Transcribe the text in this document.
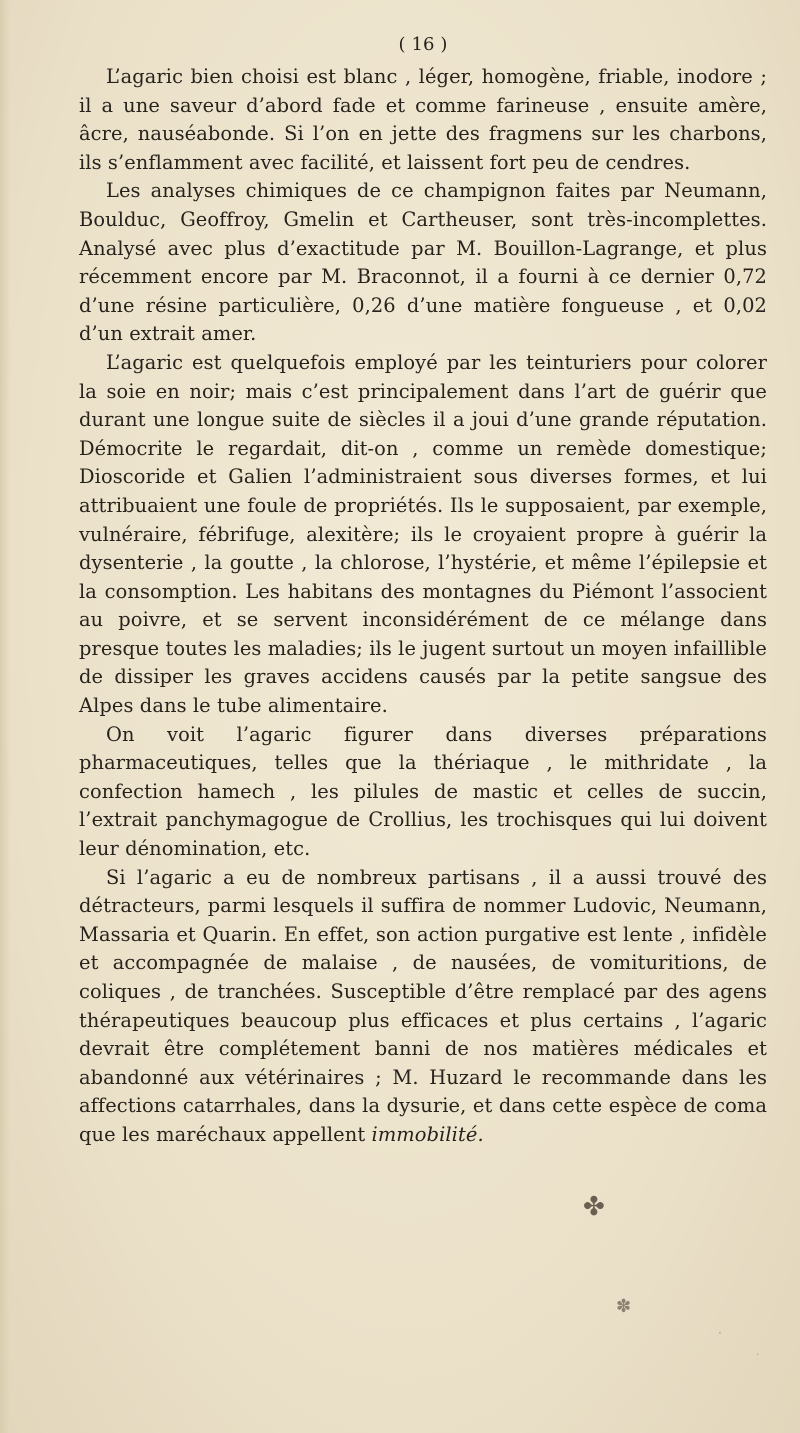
( 16 )

L’agaric bien choisi est blanc , léger, homogène, friable, inodore ; il a une saveur d’abord fade et comme farineuse , ensuite amère, âcre, nauséabonde. Si l’on en jette des fragmens sur les charbons, ils s’enflamment avec facilité, et laissent fort peu de cendres.

Les analyses chimiques de ce champignon faites par Neumann, Boulduc, Geoffroy, Gmelin et Cartheuser, sont très-incomplettes. Analysé avec plus d’exactitude par M. Bouillon-Lagrange, et plus récemment encore par M. Braconnot, il a fourni à ce dernier 0,72 d’une résine particulière, 0,26 d’une matière fongueuse , et 0,02 d’un extrait amer.

L’agaric est quelquefois employé par les teinturiers pour colorer la soie en noir; mais c’est principalement dans l’art de guérir que durant une longue suite de siècles il a joui d’une grande réputation. Démocrite le regardait, dit-on , comme un remède domestique; Dioscoride et Galien l’administraient sous diverses formes, et lui attribuaient une foule de propriétés. Ils le supposaient, par exemple, vulnéraire, fébrifuge, alexitère; ils le croyaient propre à guérir la dysenterie , la goutte , la chlorose, l’hystérie, et même l’épilepsie et la consomption. Les habitans des montagnes du Piémont l’associent au poivre, et se servent inconsidérément de ce mélange dans presque toutes les maladies; ils le jugent surtout un moyen infaillible de dissiper les graves accidens causés par la petite sangsue des Alpes dans le tube alimentaire.

On voit l’agaric figurer dans diverses préparations pharmaceutiques, telles que la thériaque , le mithridate , la confection hamech , les pilules de mastic et celles de succin, l’extrait panchymagogue de Crollius, les trochisques qui lui doivent leur dénomination, etc.

Si l’agaric a eu de nombreux partisans , il a aussi trouvé des détracteurs, parmi lesquels il suffira de nommer Ludovic, Neumann, Massaria et Quarin. En effet, son action purgative est lente , infidèle et accompagnée de malaise , de nausées, de vomituritions, de coliques , de tranchées. Susceptible d’être remplacé par des agens thérapeutiques beaucoup plus efficaces et plus certains , l’agaric devrait être complétement banni de nos matières médicales et abandonné aux vétérinaires ; M. Huzard le recommande dans les affections catarrhales, dans la dysurie, et dans cette espèce de coma que les maréchaux appellent immobilité.

✤
✽
·
·
